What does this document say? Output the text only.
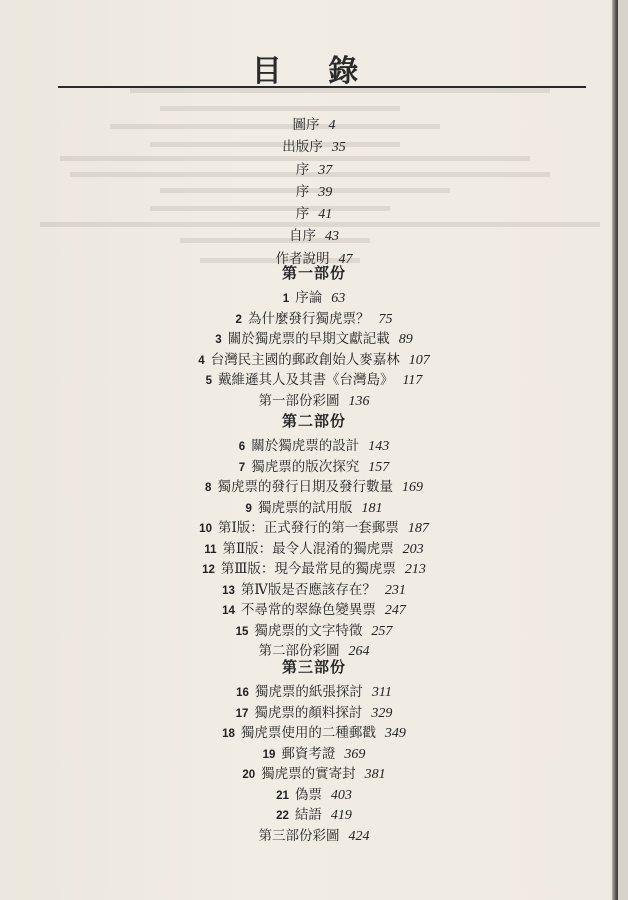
目 錄
圖序 4
出版序 35
序 37
序 39
序 41
自序 43
作者說明 47
第一部份
1 序論 63
2 為什麼發行獨虎票？ 75
3 關於獨虎票的早期文獻記載 89
4 台灣民主國的郵政創始人麥嘉林 107
5 戴維遜其人及其書《台灣島》 117
第一部份彩圖 136
第二部份
6 關於獨虎票的設計 143
7 獨虎票的版次探究 157
8 獨虎票的發行日期及發行數量 169
9 獨虎票的試用版 181
10 第Ⅰ版：正式發行的第一套郵票 187
11 第Ⅱ版：最令人混淆的獨虎票 203
12 第Ⅲ版：現今最常見的獨虎票 213
13 第Ⅳ版是否應該存在？ 231
14 不尋常的翠綠色變異票 247
15 獨虎票的文字特徵 257
第二部份彩圖 264
第三部份
16 獨虎票的紙張探討 311
17 獨虎票的顏料探討 329
18 獨虎票使用的二種郵戳 349
19 郵資考證 369
20 獨虎票的實寄封 381
21 偽票 403
22 結語 419
第三部份彩圖 424
